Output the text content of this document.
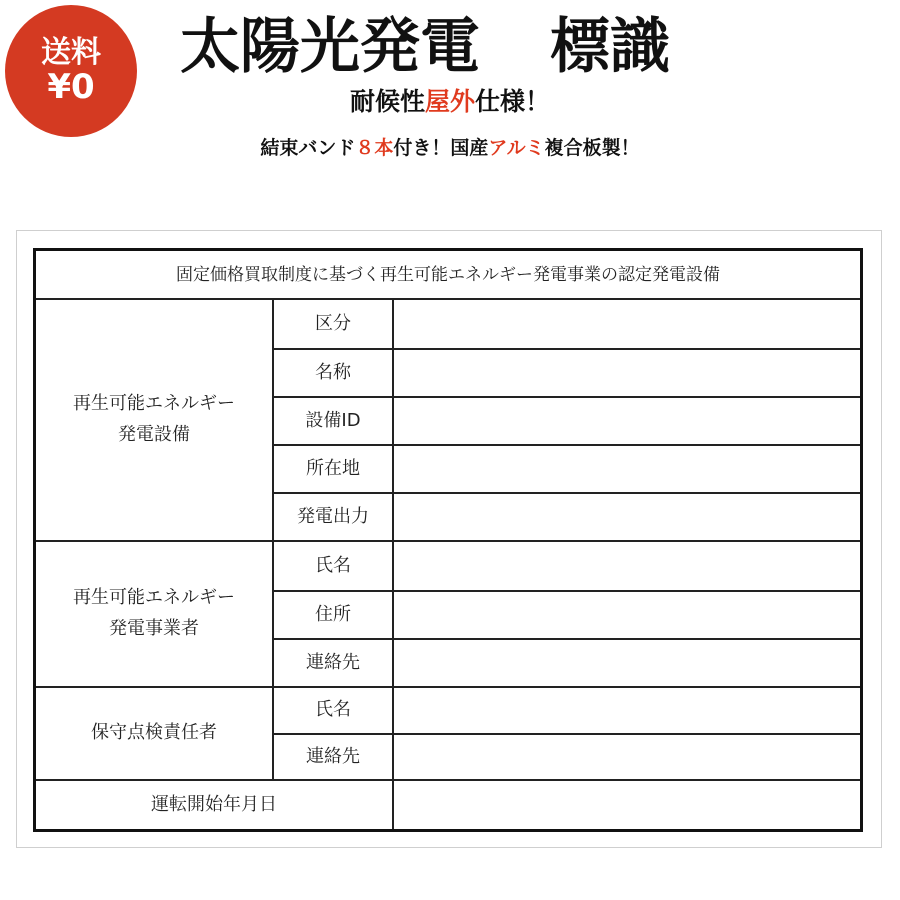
送料
¥0
太陽光発電 標識
耐候性屋外仕様！
結束バンド８本付き！国産アルミ複合板製！
固定価格買取制度に基づく再生可能エネルギー発電事業の認定発電設備
再生可能エネルギー
発電設備
再生可能エネルギー
発電事業者
保守点検責任者
区分
名称
設備ID
所在地
発電出力
氏名
住所
連絡先
氏名
連絡先
運転開始年月日
